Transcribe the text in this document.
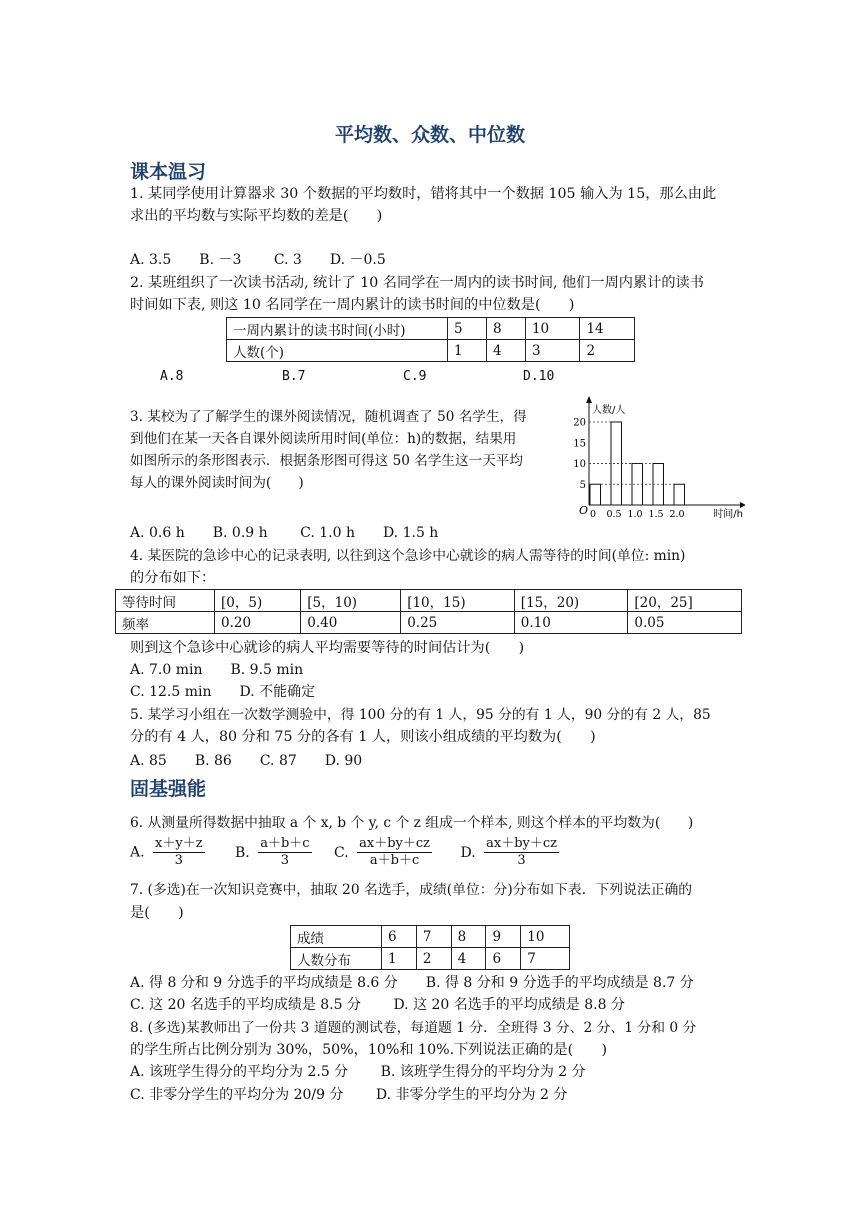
平均数、众数、中位数
课本温习
1. 某同学使用计算器求 30 个数据的平均数时，错将其中一个数据 105 输入为 15，那么由此
求出的平均数与实际平均数的差是(　　)
A. 3.5　　B. －3　　 C. 3　　D. －0.5
2. 某班组织了一次读书活动, 统计了 10 名同学在一周内的读书时间, 他们一周内累计的读书
时间如下表, 则这 10 名同学在一周内累计的读书时间的中位数是(　　)
一周内累计的读书时间(小时)	5	8	10	14
人数(个)	1	4	3	2
A.8	B.7	C.9	D.10
3. 某校为了了解学生的课外阅读情况，随机调查了 50 名学生，得
到他们在某一天各自课外阅读所用时间(单位：h)的数据，结果用
如图所示的条形图表示．根据条形图可得这 50 名学生这一天平均
每人的课外阅读时间为(　　)
A. 0.6 h　　B. 0.9 h　　 C. 1.0 h　　D. 1.5 h
5
10
15
20
0 0.5 1.0 1.5 2.0
O
人数/人
时间/h
4. 某医院的急诊中心的记录表明, 以往到这个急诊中心就诊的病人需等待的时间(单位: min)
的分布如下：
等待时间	[0，5)	[5，10)	[10，15)	[15，20)	[20，25]
频率	0.20	0.40	0.25	0.10	0.05
则到这个急诊中心就诊的病人平均需要等待的时间估计为(　　)
A. 7.0 min　　B. 9.5 min
C. 12.5 min　　D. 不能确定
5. 某学习小组在一次数学测验中，得 100 分的有 1 人，95 分的有 1 人，90 分的有 2 人，85
分的有 4 人，80 分和 75 分的各有 1 人，则该小组成绩的平均数为(　　)
A. 85　　B. 86　　C. 87　　D. 90
固基强能
6. 从测量所得数据中抽取 a 个 x, b 个 y, c 个 z 组成一个样本, 则这个样本的平均数为(　　)
A. $\frac{x+y+z}{3} B$. $\frac{a+b+c}{3} C$. $\frac{ax+by+cz}{a+b+c} D$. $\frac{ax+by+cz}{3}$
7. (多选)在一次知识竞赛中，抽取 20 名选手，成绩(单位：分)分布如下表．下列说法正确的
是(　　)
成绩	6	7	8	9	10
人数分布	1	2	4	6	7
A. 得 8 分和 9 分选手的平均成绩是 8.6 分　　B. 得 8 分和 9 分选手的平均成绩是 8.7 分
C. 这 20 名选手的平均成绩是 8.5 分　　 D. 这 20 名选手的平均成绩是 8.8 分
8. (多选)某教师出了一份共 3 道题的测试卷，每道题 1 分．全班得 3 分、2 分、1 分和 0 分
的学生所占比例分别为 30%，50%，10%和 10%.下列说法正确的是(　　)
A. 该班学生得分的平均分为 2.5 分　　 B. 该班学生得分的平均分为 2 分
C. 非零分学生的平均分为 20/9 分　　 D. 非零分学生的平均分为 2 分
